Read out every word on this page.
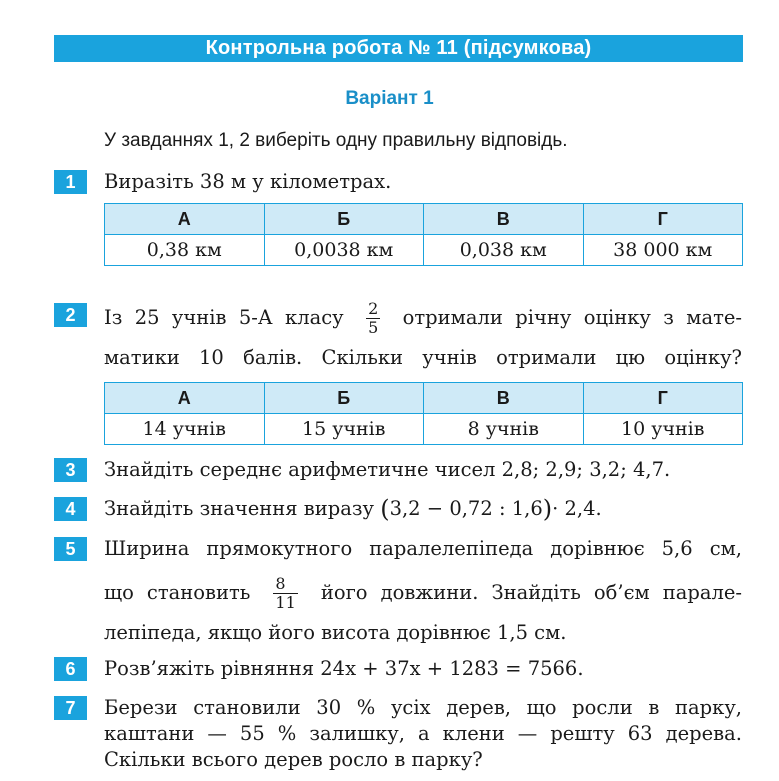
Контрольна робота № 11 (підсумкова)
Варіант 1
У завданнях 1, 2 виберіть одну правильну відповідь.
1	Виразіть 38 м у кілометрах.
А	Б	В	Г
0,38 км	0,0038 км	0,038 км	38 000 км
2	Із 25 учнів 5-А класу $\frac{2}{5}$ отримали річну оцінку з мате-
матики 10 балів. Скільки учнів отримали цю оцінку?
А	Б	В	Г
14 учнів	15 учнів	8 учнів	10 учнів
3	Знайдіть середнє арифметичне чисел 2,8; 2,9; 3,2; 4,7.
4	Знайдіть значення виразу (3,2 − 0,72 : 1,6)· 2,4.
5	Ширина прямокутного паралелепіпеда дорівнює 5,6 см,
що становить $\frac{8}{11}$ його довжини. Знайдіть об’єм парале-
лепіпеда, якщо його висота дорівнює 1,5 см.
6	Розв’яжіть рівняння 24x + 37x + 1283 = 7566.
7	Берези становили 30 % усіх дерев, що росли в парку,
каштани — 55 % залишку, а клени — решту 63 дерева.
Скільки всього дерев росло в парку?
